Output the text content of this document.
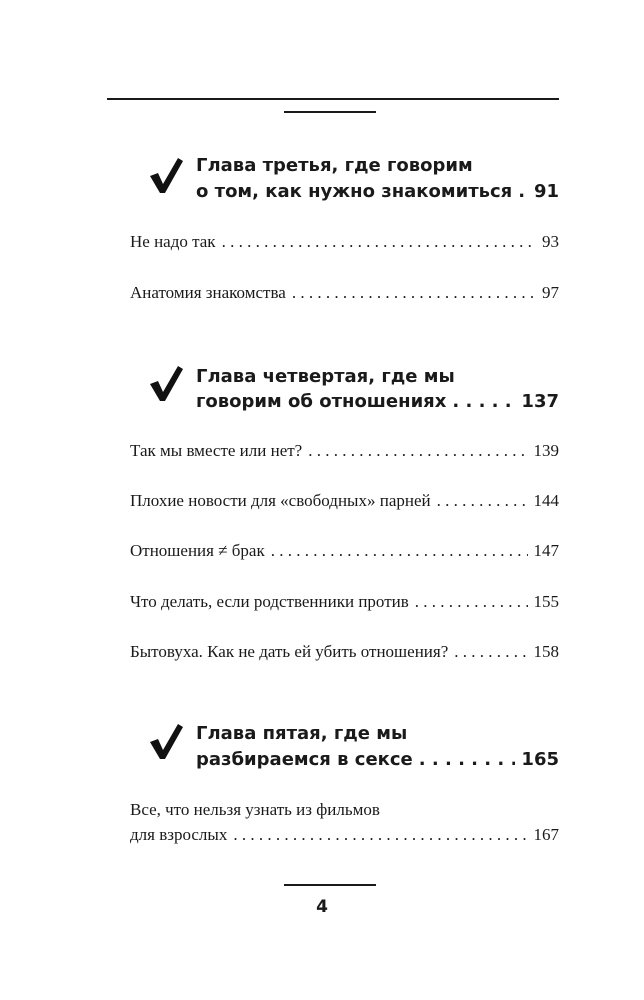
Глава третья, где говорим
о том, как нужно знакомиться . . . 91
Не надо так . . .	93
Анатомия знакомства . . .	97
Глава четвертая, где мы
говорим об отношениях . . .	137
Так мы вместе или нет? . . .	139
Плохие новости для «свободных» парней . . .	144
Отношения ≠ брак . . .	147
Что делать, если родственники против . . .	155
Бытовуха. Как не дать ей убить отношения? . . .	158
Глава пятая, где мы
разбираемся в сексе . . .	165
Все, что нельзя узнать из фильмов
для взрослых . . .	167
4
